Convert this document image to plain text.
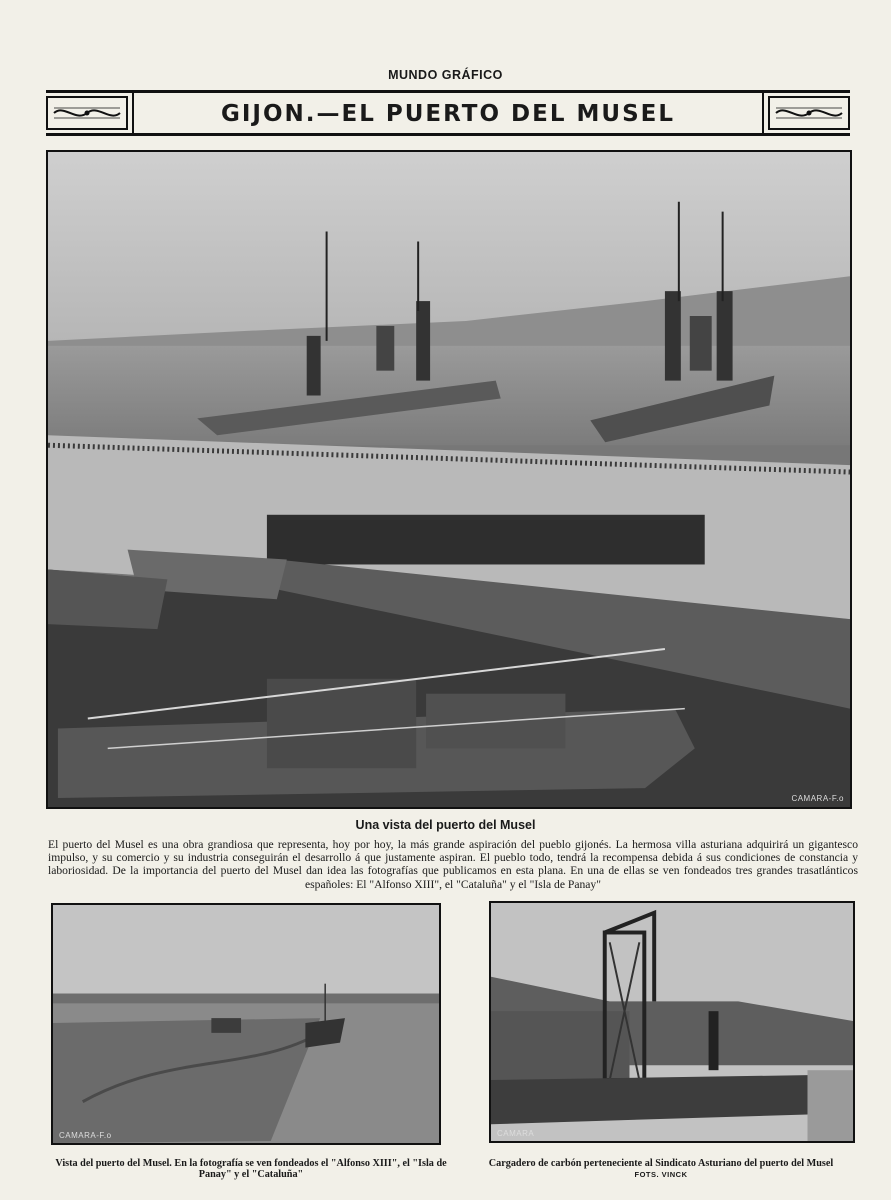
MUNDO GRÁFICO
GIJON.—EL PUERTO DEL MUSEL
CAMARA-F.o
Una vista del puerto del Musel
El puerto del Musel es una obra grandiosa que representa, hoy por hoy, la más grande aspiración del pueblo gijonés. La hermosa villa asturiana adquirirá un gigantesco impulso, y su comercio y su industria conseguirán el desarrollo á que justamente aspiran. El pueblo todo, tendrá la recompensa debida á sus condiciones de constancia y laboriosidad. De la importancia del puerto del Musel dan idea las fotografías que publicamos en esta plana. En una de ellas se ven fondeados tres grandes trasatlánticos españoles: El "Alfonso XIII", el "Cataluña" y el "Isla de Panay"
CAMARA-F.o	CAMARA
Vista del puerto del Musel. En la fotografía se ven fondeados el "Alfonso XIII", el "Isla de Panay" y el "Cataluña"
Cargadero de carbón perteneciente al Sindicato Asturiano del puerto del Musel
FOTS. VINCK
